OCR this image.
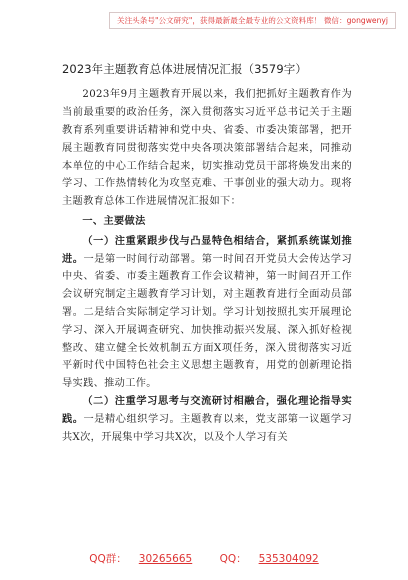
关注头条号"公文研究"，获得最新最全最专业的公文资料库！ 微信：gongwenyj
2023年主题教育总体进展情况汇报（3579字）

2023年9月主题教育开展以来，我们把抓好主题教育作为当前最重要的政治任务，深入贯彻落实习近平总书记关于主题教育系列重要讲话精神和党中央、省委、市委决策部署，把开展主题教育同贯彻落实党中央各项决策部署结合起来，同推动本单位的中心工作结合起来，切实推动党员干部将焕发出来的学习、工作热情转化为攻坚克难、干事创业的强大动力。现将主题教育总体工作进展情况汇报如下：

一、主要做法

（一）注重紧跟步伐与凸显特色相结合，紧抓系统谋划推进。一是第一时间行动部署。第一时间召开党员大会传达学习中央、省委、市委主题教育工作会议精神，第一时间召开工作会议研究制定主题教育学习计划，对主题教育进行全面动员部署。二是结合实际制定学习计划。学习计划按照扎实开展理论学习、深入开展调查研究、加快推动振兴发展、深入抓好检视整改、建立健全长效机制五方面X项任务，深入贯彻落实习近平新时代中国特色社会主义思想主题教育，用党的创新理论指导实践、推动工作。

（二）注重学习思考与交流研讨相融合，强化理论指导实践。一是精心组织学习。主题教育以来，党支部第一议题学习共X次，开展集中学习共X次，以及个人学习有关

QQ群： 30265665	QQ： 535304092
